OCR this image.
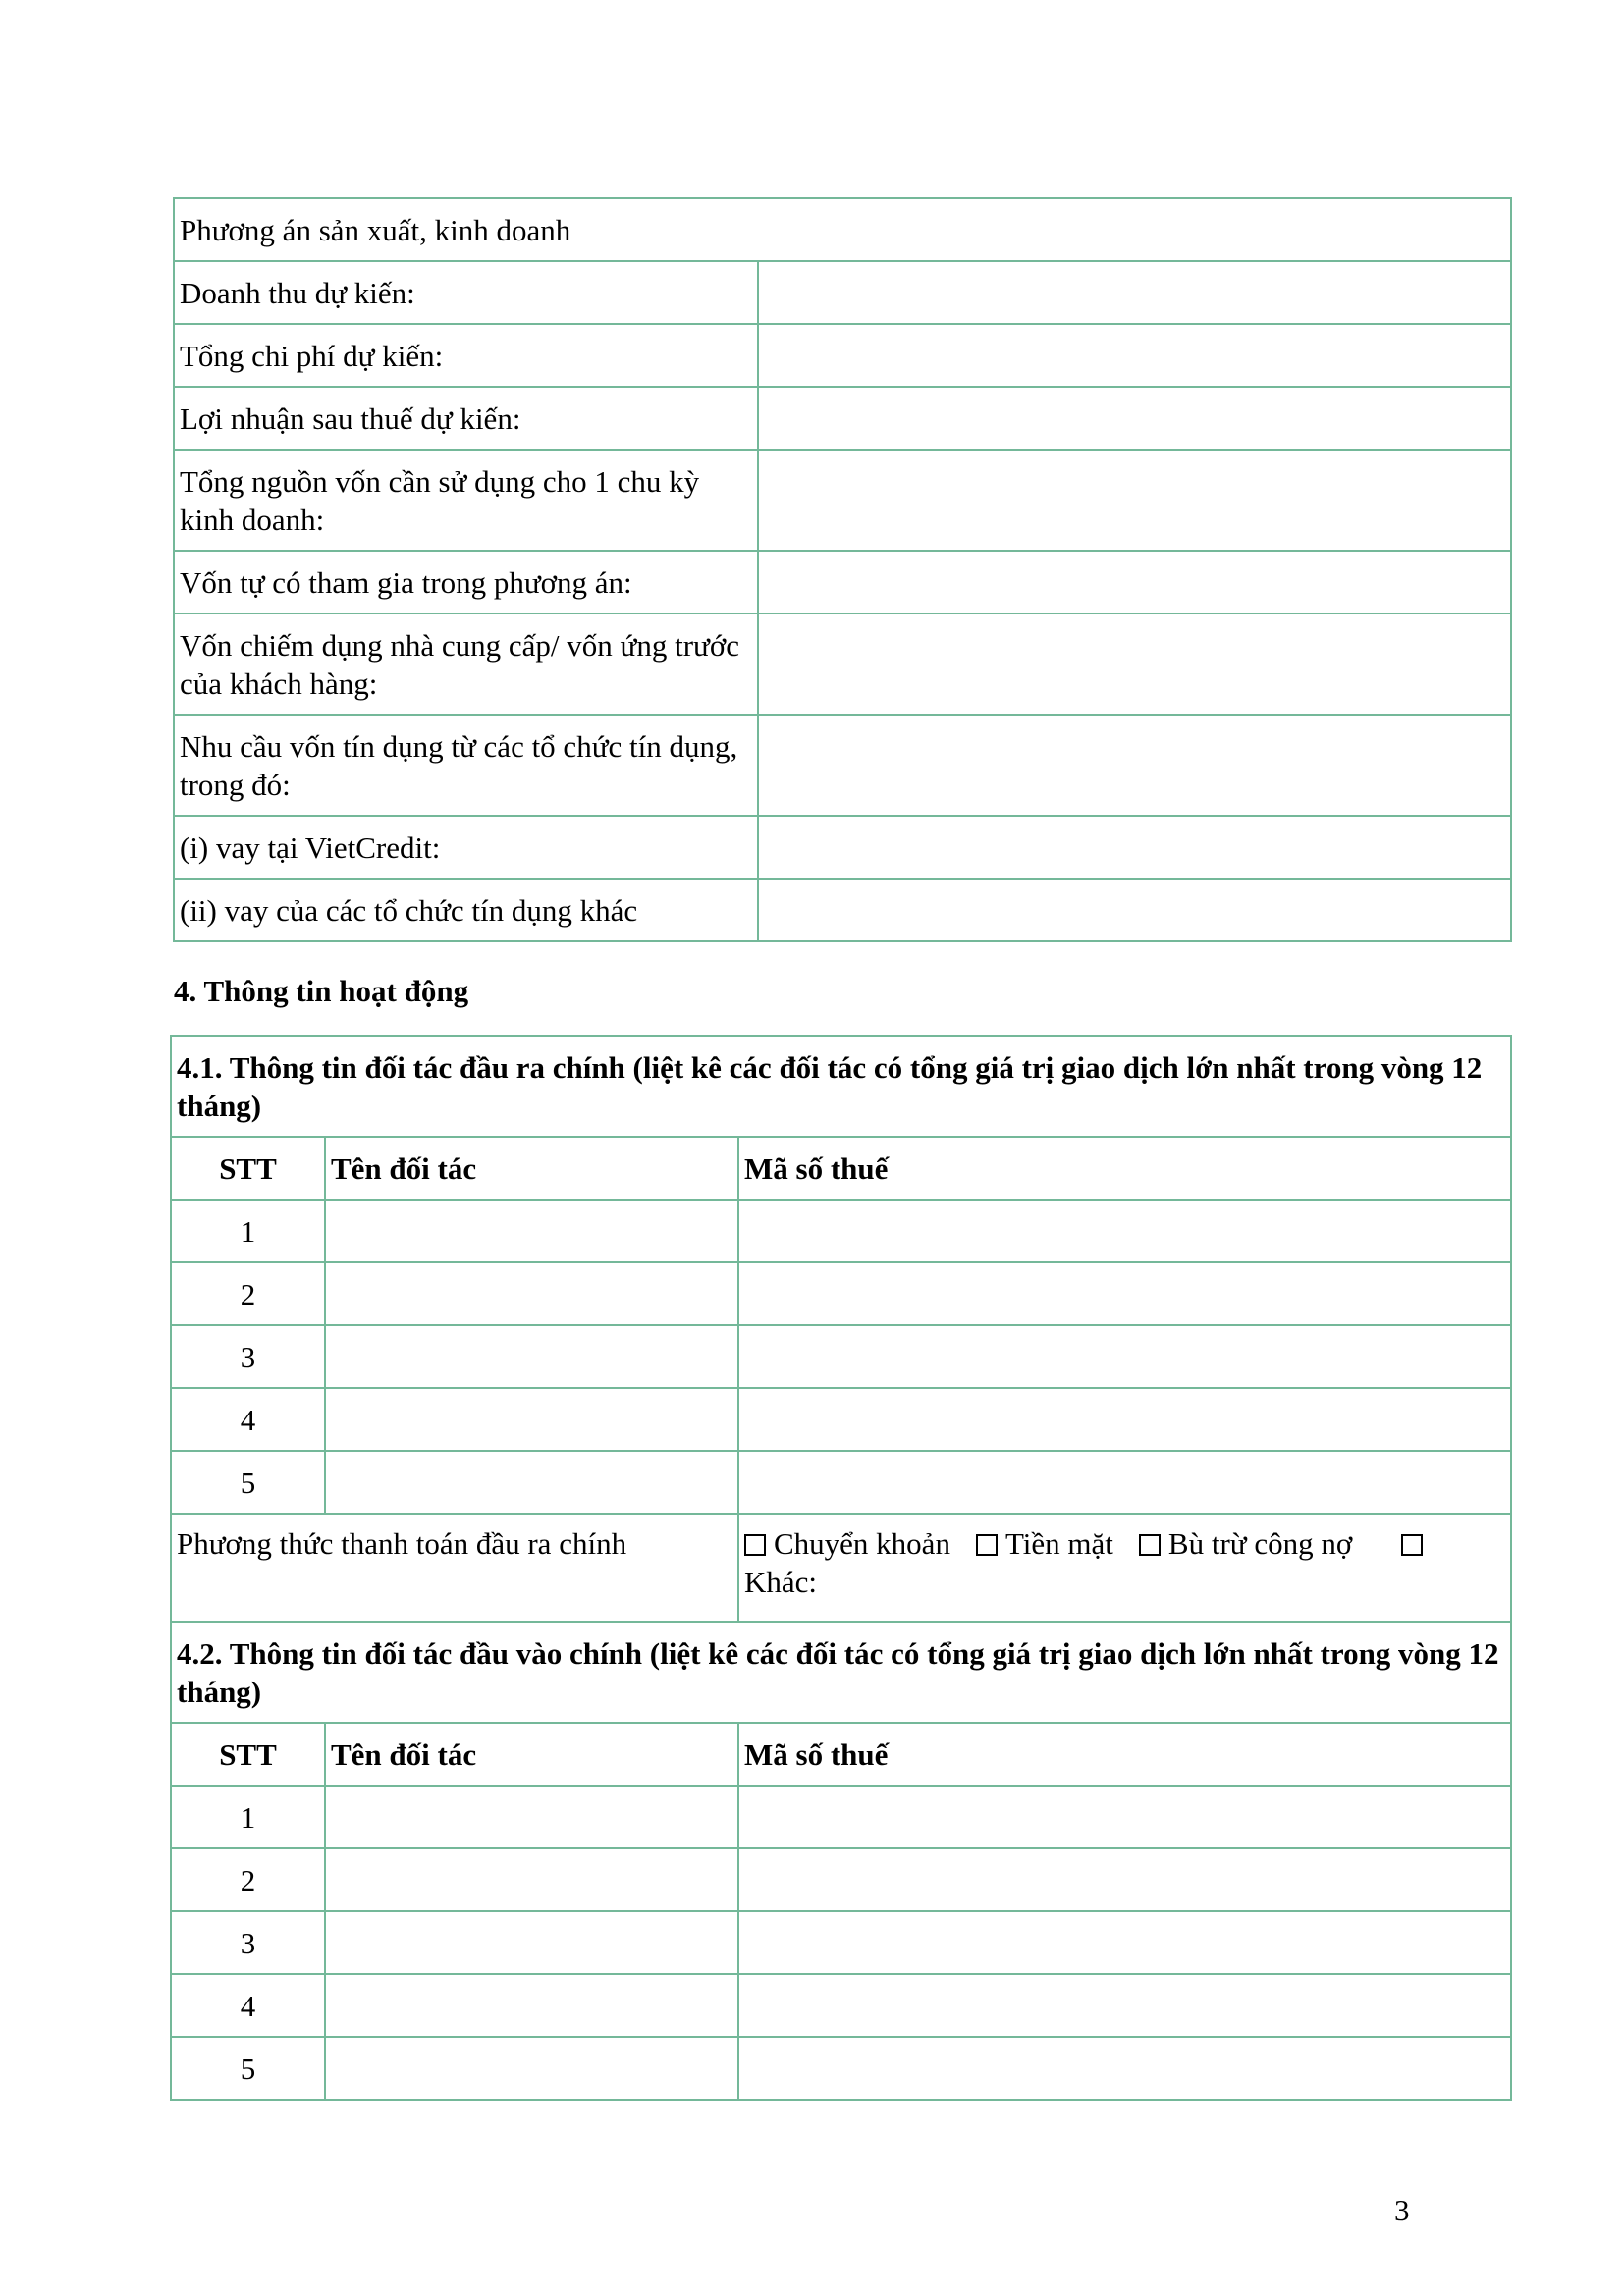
Phương án sản xuất, kinh doanh	
Doanh thu dự kiến:	
Tổng chi phí dự kiến:	
Lợi nhuận sau thuế dự kiến:	
Tổng nguồn vốn cần sử dụng cho 1 chu kỳ kinh doanh:	
Vốn tự có tham gia trong phương án:	
Vốn chiếm dụng nhà cung cấp/ vốn ứng trước của khách hàng:	
Nhu cầu vốn tín dụng từ các tổ chức tín dụng, trong đó:	
(i) vay tại VietCredit:	
(ii) vay của các tổ chức tín dụng khác	
4. Thông tin hoạt động
4.1. Thông tin đối tác đầu ra chính (liệt kê các đối tác có tổng giá trị giao dịch lớn nhất trong vòng 12 tháng)		
STT	Tên đối tác	Mã số thuế
1		
2		
3		
4		
5		
Phương thức thanh toán đầu ra chính		Chuyển khoản Tiền mặt Bù trừ công nợ
Khác:
4.2. Thông tin đối tác đầu vào chính (liệt kê các đối tác có tổng giá trị giao dịch lớn nhất trong vòng 12 tháng)		
STT	Tên đối tác	Mã số thuế
1		
2		
3		
4		
5		
3
